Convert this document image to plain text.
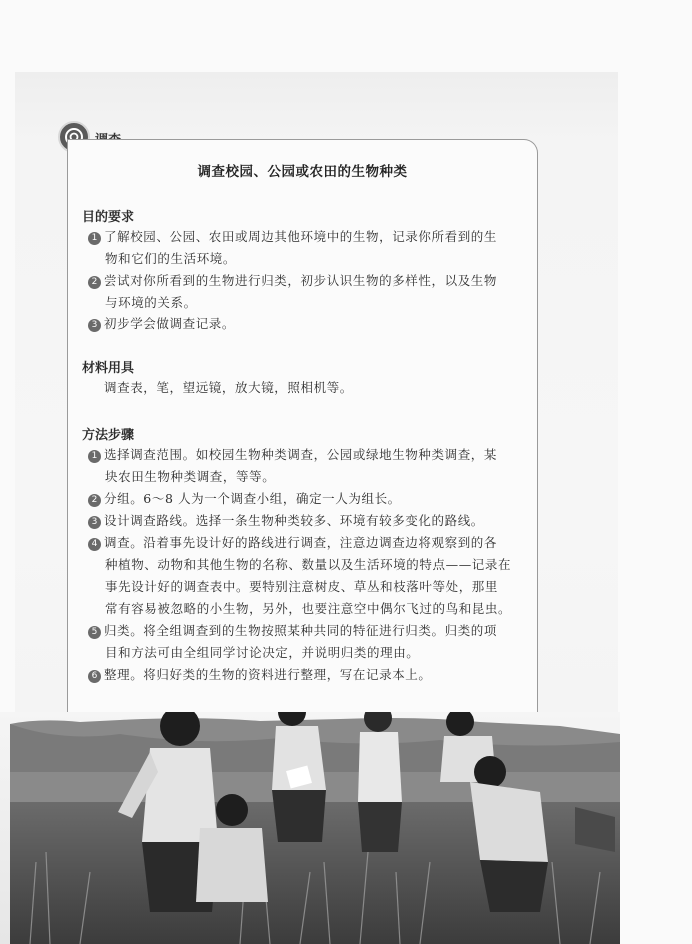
调查校园、公园或农田的生物种类
目的要求
1 了解校园、公园、农田或周边其他环境中的生物，记录你所看到的生
物和它们的生活环境。
2 尝试对你所看到的生物进行归类，初步认识生物的多样性，以及生物
与环境的关系。
3 初步学会做调查记录。
材料用具
调查表，笔，望远镜，放大镜，照相机等。
方法步骤
1 选择调查范围。如校园生物种类调查，公园或绿地生物种类调查，某
块农田生物种类调查，等等。
2 分组。6～8 人为一个调查小组，确定一人为组长。
3 设计调查路线。选择一条生物种类较多、环境有较多变化的路线。
4 调查。沿着事先设计好的路线进行调查，注意边调查边将观察到的各
种植物、动物和其他生物的名称、数量以及生活环境的特点——记录在
事先设计好的调查表中。要特别注意树皮、草丛和枝落叶等处，那里
常有容易被忽略的小生物，另外，也要注意空中偶尔飞过的鸟和昆虫。
5 归类。将全组调查到的生物按照某种共同的特征进行归类。归类的项
目和方法可由全组同学讨论决定，并说明归类的理由。
6 整理。将归好类的生物的资料进行整理，写在记录本上。
